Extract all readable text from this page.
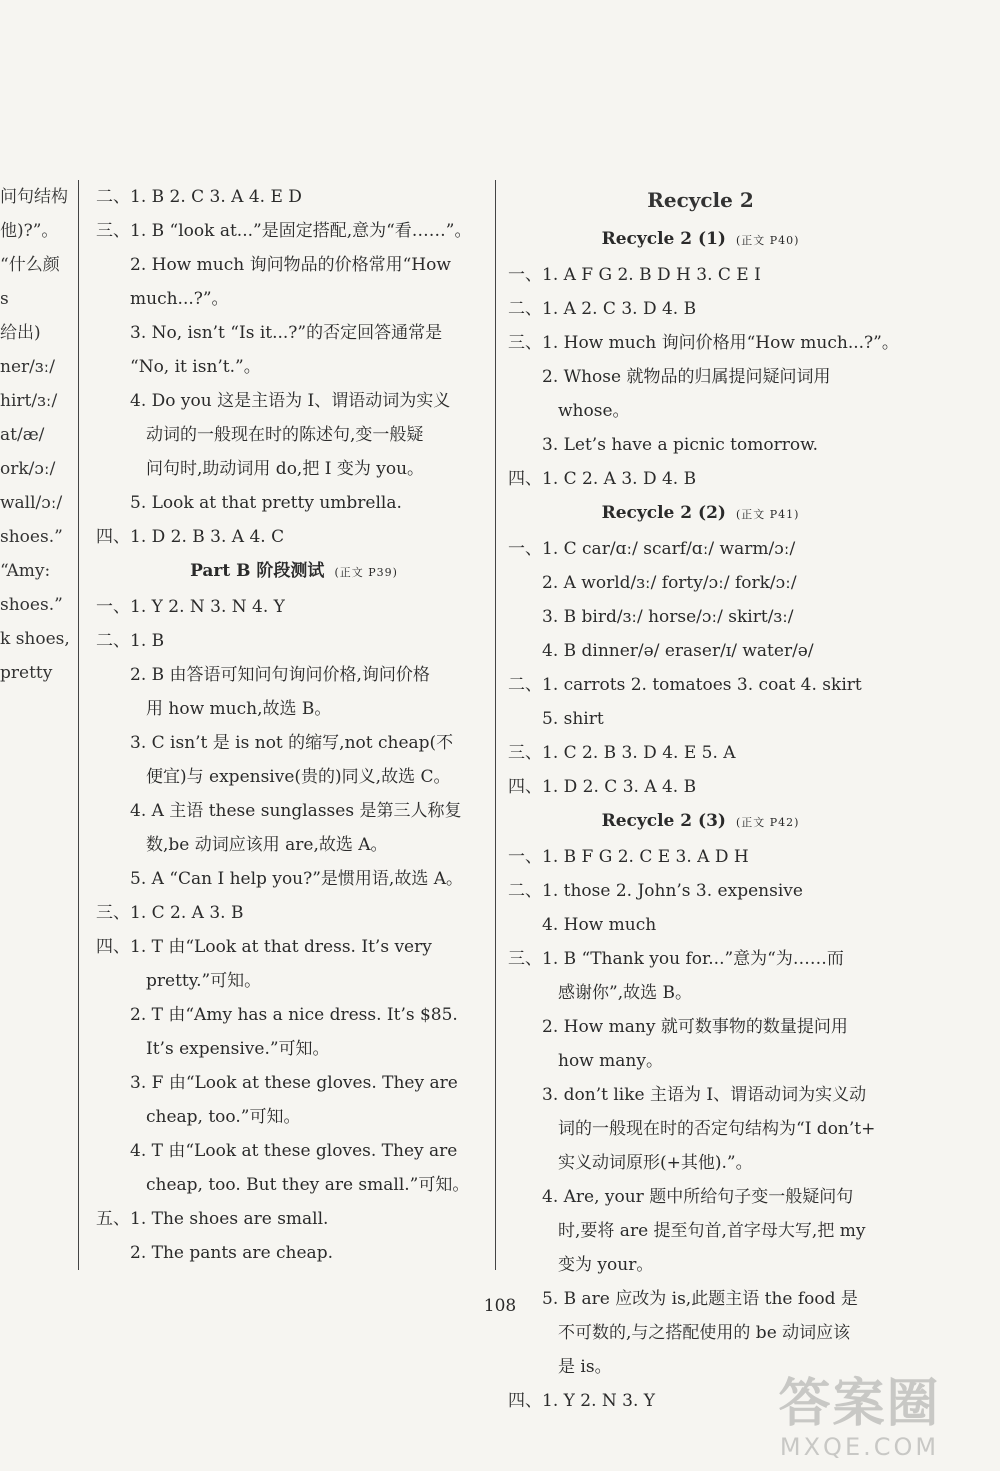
问句结构
他)?”。
“什么颜
s
给出)
ner/ɜː/
hirt/ɜː/
at/æ/
ork/ɔː/
wall/ɔː/
shoes.”
“Amy:
shoes.”
k shoes,
pretty
二、1. B 2. C 3. A 4. E D
三、1. B “look at...”是固定搭配,意为“看……”。
2. How much 询问物品的价格常用“How
much...?”。
3. No, isn’t “Is it...?”的否定回答通常是
“No, it isn’t.”。
4. Do you 这是主语为 I、谓语动词为实义
动词的一般现在时的陈述句,变一般疑
问句时,助动词用 do,把 I 变为 you。
5. Look at that pretty umbrella.
四、1. D 2. B 3. A 4. C
Part B 阶段测试 (正文 P39)
一、1. Y 2. N 3. N 4. Y
二、1. B
2. B 由答语可知问句询问价格,询问价格
用 how much,故选 B。
3. C isn’t 是 is not 的缩写,not cheap(不
便宜)与 expensive(贵的)同义,故选 C。
4. A 主语 these sunglasses 是第三人称复
数,be 动词应该用 are,故选 A。
5. A “Can I help you?”是惯用语,故选 A。
三、1. C 2. A 3. B
四、1. T 由“Look at that dress. It’s very
pretty.”可知。
2. T 由“Amy has a nice dress. It’s $85.
It’s expensive.”可知。
3. F 由“Look at these gloves. They are
cheap, too.”可知。
4. T 由“Look at these gloves. They are
cheap, too. But they are small.”可知。
五、1. The shoes are small.
2. The pants are cheap.
Recycle 2
Recycle 2 (1) (正文 P40)
一、1. A F G 2. B D H 3. C E I
二、1. A 2. C 3. D 4. B
三、1. How much 询问价格用“How much...?”。
2. Whose 就物品的归属提问疑问词用
whose。
3. Let’s have a picnic tomorrow.
四、1. C 2. A 3. D 4. B
Recycle 2 (2) (正文 P41)
一、1. C car/ɑː/ scarf/ɑː/ warm/ɔː/
2. A world/ɜː/ forty/ɔː/ fork/ɔː/
3. B bird/ɜː/ horse/ɔː/ skirt/ɜː/
4. B dinner/ə/ eraser/ɪ/ water/ə/
二、1. carrots 2. tomatoes 3. coat 4. skirt
5. shirt
三、1. C 2. B 3. D 4. E 5. A
四、1. D 2. C 3. A 4. B
Recycle 2 (3) (正文 P42)
一、1. B F G 2. C E 3. A D H
二、1. those 2. John’s 3. expensive
4. How much
三、1. B “Thank you for...”意为“为……而
感谢你”,故选 B。
2. How many 就可数事物的数量提问用
how many。
3. don’t like 主语为 I、谓语动词为实义动
词的一般现在时的否定句结构为“I don’t+
实义动词原形(+其他).”。
4. Are, your 题中所给句子变一般疑问句
时,要将 are 提至句首,首字母大写,把 my
变为 your。
5. B are 应改为 is,此题主语 the food 是
不可数的,与之搭配使用的 be 动词应该
是 is。
四、1. Y 2. N 3. Y
108
答案圈
MXQE.COM
